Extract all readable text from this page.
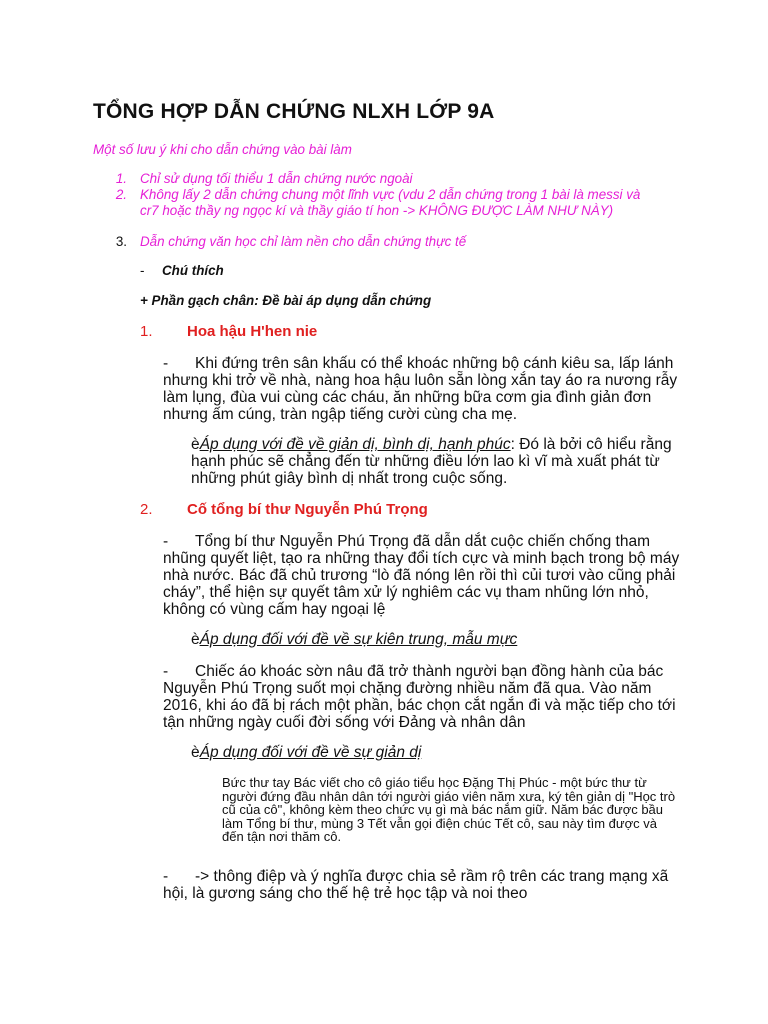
TỔNG HỢP DẪN CHỨNG NLXH LỚP 9A
Một số lưu ý khi cho dẫn chứng vào bài làm
1. Chỉ sử dụng tối thiểu 1 dẫn chứng nước ngoài
2. Không lấy 2 dẫn chứng chung một lĩnh vực (vdu 2 dẫn chứng trong 1 bài là messi và cr7 hoặc thầy ng ngọc kí và thầy giáo tí hon -> KHÔNG ĐƯỢC LÀM NHƯ NÀY)
3. Dẫn chứng văn học chỉ làm nền cho dẫn chứng thực tế
- Chú thích
+ Phần gạch chân: Đề bài áp dụng dẫn chứng
1. Hoa hậu H'hen nie
- Khi đứng trên sân khấu có thể khoác những bộ cánh kiêu sa, lấp lánh nhưng khi trở về nhà, nàng hoa hậu luôn sẵn lòng xắn tay áo ra nương rẫy làm lụng, đùa vui cùng các cháu, ăn những bữa cơm gia đình giản đơn nhưng ấm cúng, tràn ngập tiếng cười cùng cha mẹ.
èÁp dụng với đề về giản dị, bình dị, hạnh phúc: Đó là bởi cô hiểu rằng hạnh phúc sẽ chẳng đến từ những điều lớn lao kì vĩ mà xuất phát từ những phút giây bình dị nhất trong cuộc sống.
2. Cố tổng bí thư Nguyễn Phú Trọng
- Tổng bí thư Nguyễn Phú Trọng đã dẫn dắt cuộc chiến chống tham nhũng quyết liệt, tạo ra những thay đổi tích cực và minh bạch trong bộ máy nhà nước. Bác đã chủ trương “lò đã nóng lên rồi thì củi tươi vào cũng phải cháy”, thể hiện sự quyết tâm xử lý nghiêm các vụ tham nhũng lớn nhỏ, không có vùng cấm hay ngoại lệ
èÁp dụng đối với đề về sự kiên trung, mẫu mực
- Chiếc áo khoác sờn nâu đã trở thành người bạn đồng hành của bác Nguyễn Phú Trọng suốt mọi chặng đường nhiều năm đã qua. Vào năm 2016, khi áo đã bị rách một phần, bác chọn cắt ngắn đi và mặc tiếp cho tới tận những ngày cuối đời sống với Đảng và nhân dân
èÁp dụng đối với đề về sự giản dị
Bức thư tay Bác viết cho cô giáo tiểu học Đặng Thị Phúc - một bức thư từ người đứng đầu nhân dân tới người giáo viên năm xưa, ký tên giản dị "Học trò cũ của cô", không kèm theo chức vụ gì mà bác nắm giữ. Năm bác được bầu làm Tổng bí thư, mùng 3 Tết vẫn gọi điện chúc Tết cô, sau này tìm được và đến tận nơi thăm cô.
- -> thông điệp và ý nghĩa được chia sẻ rầm rộ trên các trang mạng xã hội, là gương sáng cho thế hệ trẻ học tập và noi theo
